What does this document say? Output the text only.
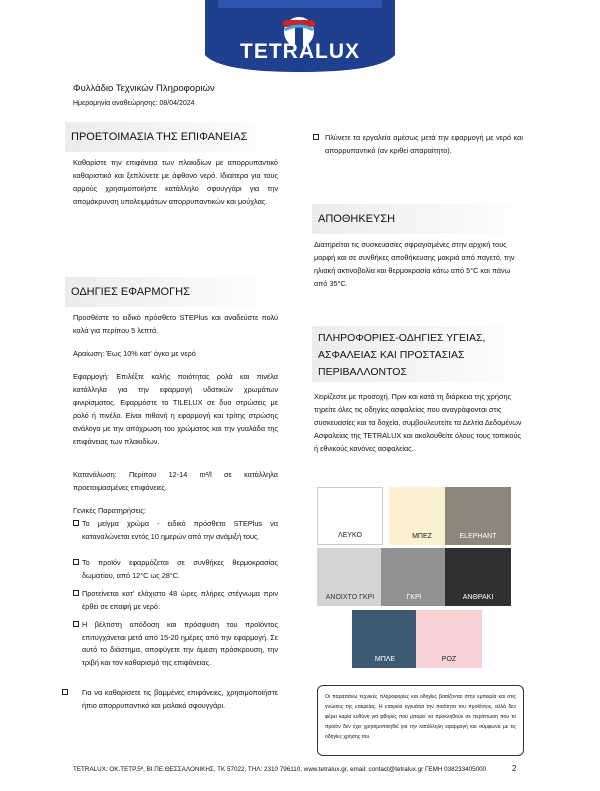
TETRALUX
Φυλλάδιο Τεχνικών Πληροφοριών
Ημερομηνία αναθεώρησης: 08/04/2024
ΠΡΟΕΤΟΙΜΑΣΙΑ ΤΗΣ ΕΠΙΦΑΝΕΙΑΣ
Καθαρίστε την επιφάνεια των πλακιδίων με απορρυπαντικό καθαριστικό και ξεπλύνετε με άφθονο νερό. Ιδιαίτερα για τους αρμούς χρησιμοποιήστε κατάλληλο σφουγγάρι για την απομάκρυνση υπολειμμάτων απορρυπαντικών και μούχλας.
ΟΔΗΓΙΕΣ ΕΦΑΡΜΟΓΗΣ
Προσθέστε το ειδικό πρόσθετο STEPlus και αναδεύστε πολύ καλά για περίπου 5 λεπτά.
Αραίωση: Έως 10% κατ' όγκο με νερό
Εφαρμογή: Επιλέξτε καλής ποιότητας ρολά και πινέλα κατάλληλα για την εφαρμογή υδατικών χρωμάτων φινιρίσματος. Εφαρμόστε το TILELUX σε δυο στρώσεις με ρολό ή πινέλο. Είναι πιθανή η εφαρμογή και τρίτης στρώσης ανάλογα με την απόχρωση του χρώματος και την γυαλάδα της επιφάνειας των πλακιδίων.
Κατανάλωση: Περίπου 12-14 m²/l σε κατάλληλα προετοιμασμένες επιφάνειες.
Γενικές Παρατηρήσεις:
Το μείγμα χρώμα - ειδικό πρόσθετο STEPlus να καταναλώνεται εντός 10 ημερών από την ανάμιξή τους.
Το προϊόν εφαρμόζεται σε συνθήκες θερμοκρασίας δωματίου, από 12°C ως 28°C.
Προτείνεται κατ' ελάχιστο 48 ώρες πλήρες στέγνωμα πριν έρθει σε επαφή με νερό.
Η βέλτιστη απόδοση και πρόσφυση του προϊόντος επιτυγχάνεται μετά από 15-20 ημέρες από την εφαρμογή. Σε αυτό το διάστημα, αποφύγετε την άμεση πρόσκρουση, την τριβή και τον καθαρισμό της επιφάνειας.
Για να καθαρίσετε τις βαμμένες επιφάνειες, χρησιμοποιήστε ήπιο απορρυπαντικό και μαλακό σφουγγάρι.
Πλύνετε τα εργαλεία αμέσως μετά την εφαρμογή με νερό και απορρυπαντικό (αν κριθεί απαραίτητο).
ΑΠΟΘΗΚΕΥΣΗ
Διατηρείται τις συσκευασίες σφραγισμένες στην αρχική τους μορφή και σε συνθήκες αποθήκευσης μακριά από παγετό, την ηλιακή ακτινοβολία και θερμοκρασία κάτω από 5°C και πάνω από 35°C.
ΠΛΗΡΟΦΟΡΙΕΣ-ΟΔΗΓΙΕΣ ΥΓΕΙΑΣ,
ΑΣΦΑΛΕΙΑΣ ΚΑΙ ΠΡΟΣΤΑΣΙΑΣ
ΠΕΡΙΒΑΛΛΟΝΤΟΣ
Χειρίζεστε με προσοχή. Πριν και κατά τη διάρκεια της χρήσης τηρείτε όλες τις οδηγίες ασφαλείας που αναγράφονται στις συσκευασίες και τα δοχεία, συμβουλευτείτε τα Δελτία Δεδομένων Ασφαλείας της TETRALUX και ακολουθείτε όλους τους τοπικούς ή εθνικούς κανόνες ασφαλείας.
ΛΕΥΚΟ	ΜΠΕΖ	ELEPHANT
ΑΝΟΙΧΤΟ ΓΚΡΙ	ΓΚΡΙ	ΑΝΘΡΑΚΙ
ΜΠΛΕ	ΡΟΖ
Οι παραπάνω τεχνικές πληροφορίες και οδηγίες βασίζονται στην εμπειρία και στις γνώσεις της εταιρείας. Η εταιρεία εγγυάται την ποιότητα του προϊόντος, αλλά δεν φέρει καμία ευθύνη για φθορές που μπορεί να προκληθούν σε περίπτωση που το προϊόν δεν έχει χρησιμοποιηθεί για την κατάλληλη εφαρμογή και σύμφωνα με τις οδηγίες χρήσης του.
TETRALUX: ΟΚ.ΤΕΤΡ.5ª, ΒΙ.ΠΕ.ΘΕΣΣΑΛΟΝΙΚΗΣ, ΤΚ 57022, ΤΗΛ: 2310 796110, www.tetralux.gr, email: contact@tetralux.gr ΓΕΜΗ 038233405000	2
